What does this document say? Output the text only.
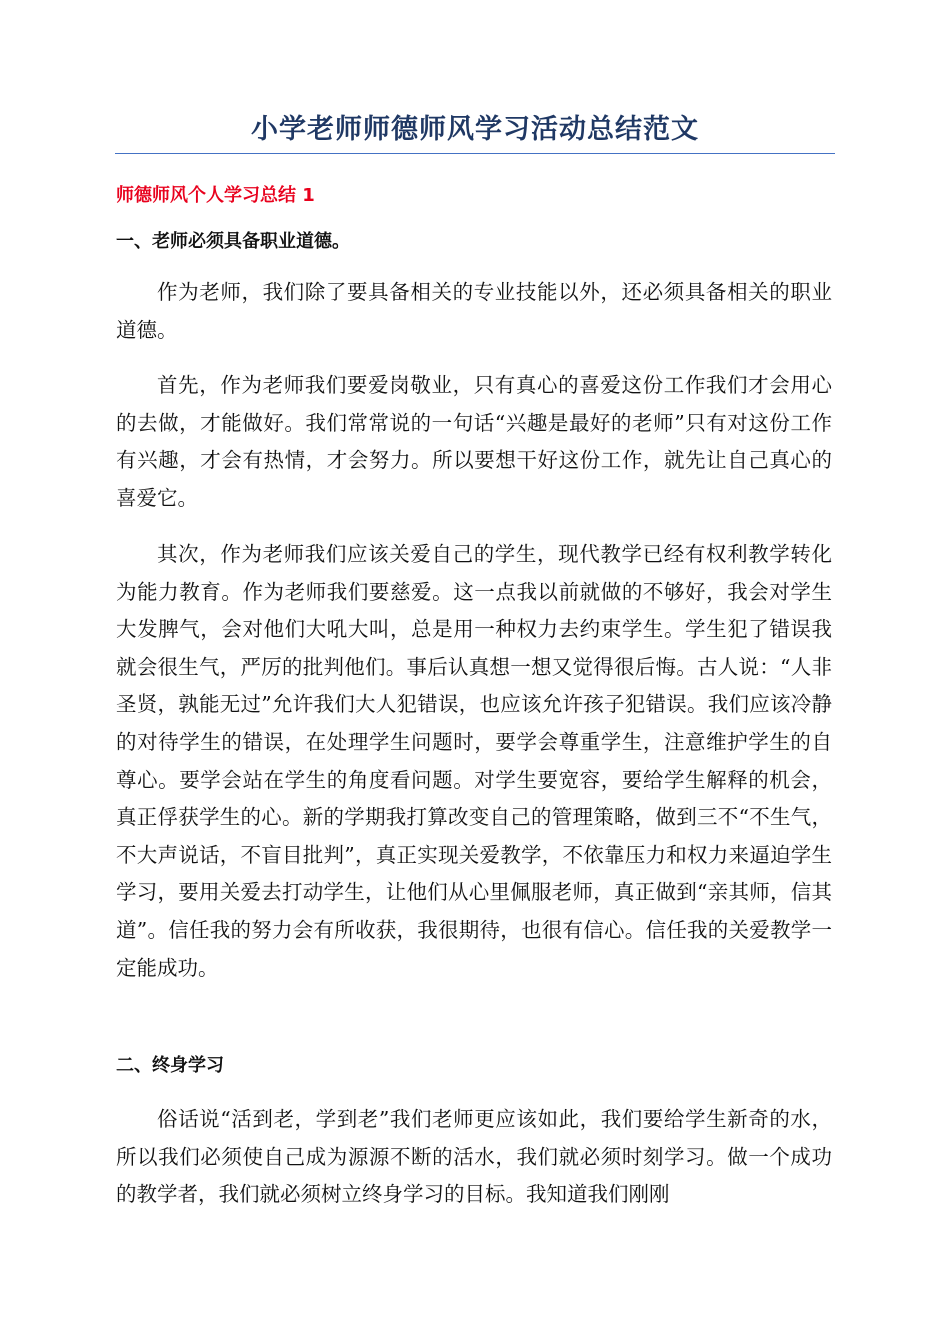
小学老师师德师风学习活动总结范文
师德师风个人学习总结 1
一、老师必须具备职业道德。

作为老师，我们除了要具备相关的专业技能以外，还必须具备相关的职业道德。

首先，作为老师我们要爱岗敬业，只有真心的喜爱这份工作我们才会用心的去做，才能做好。我们常常说的一句话“兴趣是最好的老师”只有对这份工作有兴趣，才会有热情，才会努力。所以要想干好这份工作，就先让自己真心的喜爱它。

其次，作为老师我们应该关爱自己的学生，现代教学已经有权利教学转化为能力教育。作为老师我们要慈爱。这一点我以前就做的不够好，我会对学生大发脾气，会对他们大吼大叫，总是用一种权力去约束学生。学生犯了错误我就会很生气，严厉的批判他们。事后认真想一想又觉得很后悔。古人说：“人非圣贤，孰能无过”允许我们大人犯错误，也应该允许孩子犯错误。我们应该冷静的对待学生的错误，在处理学生问题时，要学会尊重学生，注意维护学生的自尊心。要学会站在学生的角度看问题。对学生要宽容，要给学生解释的机会，真正俘获学生的心。新的学期我打算改变自己的管理策略，做到三不“不生气，不大声说话，不盲目批判”，真正实现关爱教学，不依靠压力和权力来逼迫学生学习，要用关爱去打动学生，让他们从心里佩服老师，真正做到“亲其师，信其道”。信任我的努力会有所收获，我很期待，也很有信心。信任我的关爱教学一定能成功。

二、终身学习

俗话说“活到老，学到老”我们老师更应该如此，我们要给学生新奇的水，所以我们必须使自己成为源源不断的活水，我们就必须时刻学习。做一个成功的教学者，我们就必须树立终身学习的目标。我知道我们刚刚
